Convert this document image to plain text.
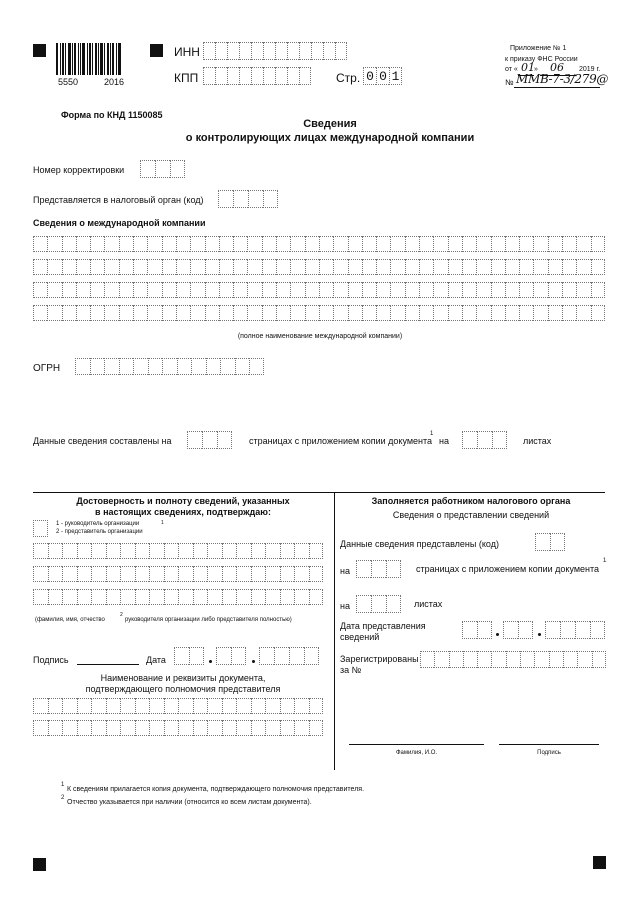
5550	2016
ИНН
КПП	Стр. 0 0 1
Приложение № 1
к приказу ФНС России
от « 01 » 06 2019 г.
№ ММВ-7-3/279@
Форма по КНД 1150085
Сведения
о контролирующих лицах международной компании
Номер корректировки
Представляется в налоговый орган (код)
Сведения о международной компании
(полное наименование международной компании)
ОГРН
Данные сведения составлены на	страницах с приложением копии документа
1
на	листах
Достоверность и полноту сведений, указанных
в настоящих сведениях, подтверждаю:
1 - руководитель организации	1
2 - представитель организации
(фамилия, имя, отчество
2
руководителя организации либо представителя полностью)
Подпись	Дата
Наименование и реквизиты документа,
подтверждающего полномочия представителя
Заполняется работником налогового органа
Сведения о представлении сведений
Данные сведения представлены (код)
на	страницах с приложением копии документа
1
на	листах
Дата представления
сведений
Зарегистрированы
за №
Фамилия, И.О.	Подпись
1
К сведениям прилагается копия документа, подтверждающего полномочия представителя.
2
Отчество указывается при наличии (относится ко всем листам документа).
